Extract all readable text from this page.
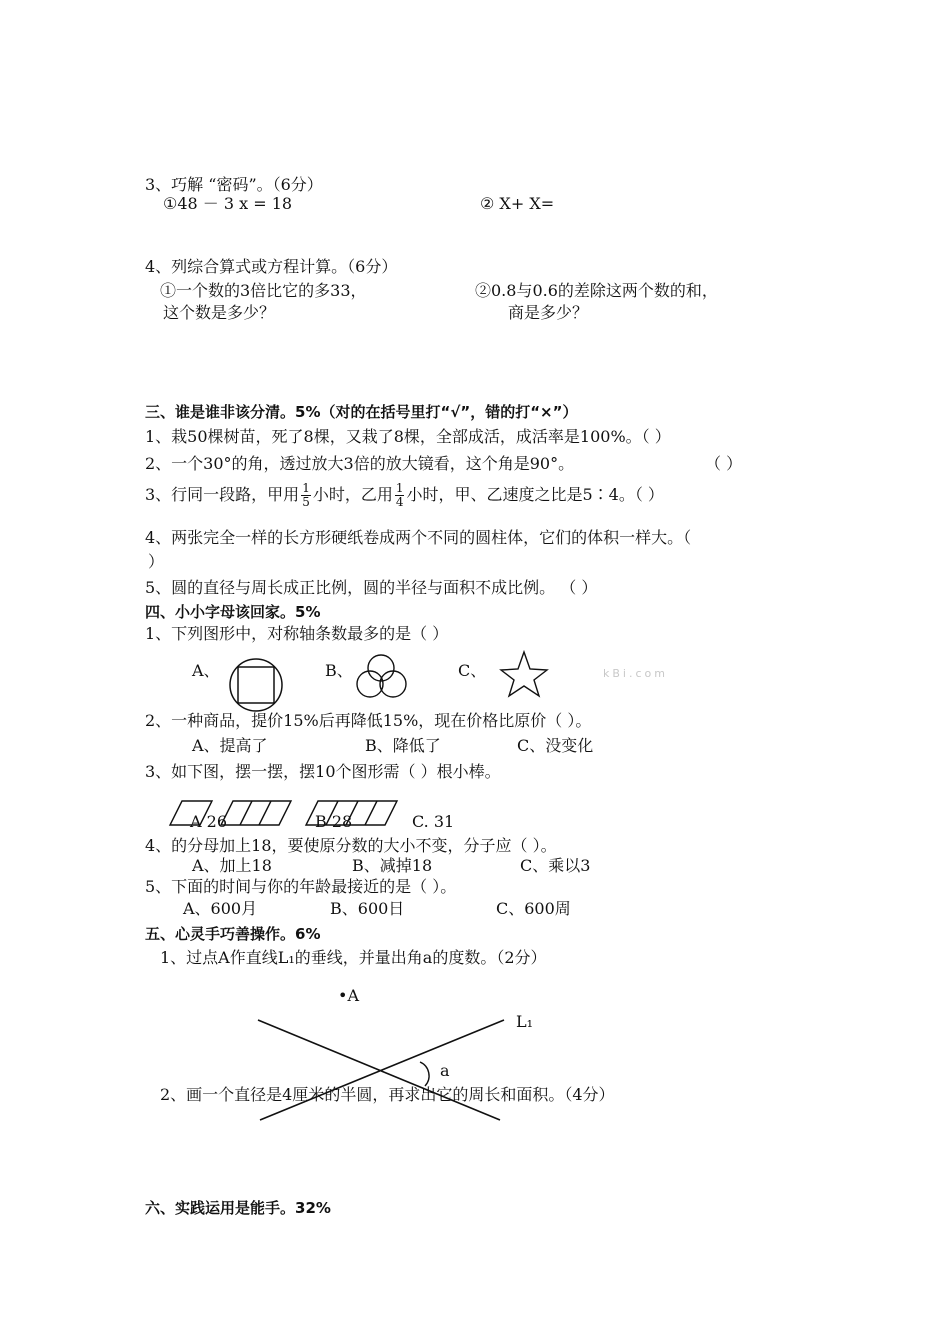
3、巧解 “密码”。（6分）
①48 － 3 x = 18	② X+ X=
4、列综合算式或方程计算。（6分）
①一个数的3倍比它的多33，
这个数是多少？
②0.8与0.6的差除这两个数的和，
商是多少？
三、谁是谁非该分清。5%（对的在括号里打“√”，错的打“×”）
1、栽50棵树苗，死了8棵，又栽了8棵，全部成活，成活率是100%。（ ）
2、一个30°的角，透过放大3倍的放大镜看，这个角是90°。	（ ）
3、行同一段路，甲用 $\frac{1}{5}$ 小时，乙用 $\frac{1}{4}$ 小时，甲、乙速度之比是5∶4。（ ）
4、两张完全一样的长方形硬纸卷成两个不同的圆柱体，它们的体积一样大。（
）
5、圆的直径与周长成正比例，圆的半径与面积不成比例。 （ ）
四、小小字母该回家。5%
1、下列图形中，对称轴条数最多的是（ ）
A、	B、	C、	kBi.com
2、一种商品，提价15%后再降低15%，现在价格比原价（ ）。
A、提高了	B、降低了	C、没变化
3、如下图，摆一摆，摆10个图形需（ ）根小棒。
A 26	B 28	C. 31
4、的分母加上18，要使原分数的大小不变，分子应（ ）。
A、加上18	B、减掉18	C、乘以3
5、下面的时间与你的年龄最接近的是（ ）。
A、600月	B、600日	C、600周
五、心灵手巧善操作。6%
1、过点A作直线L₁的垂线，并量出角a的度数。（2分）
•A
L₁
a
2、画一个直径是4厘米的半圆，再求出它的周长和面积。（4分）
六、实践运用是能手。32%
